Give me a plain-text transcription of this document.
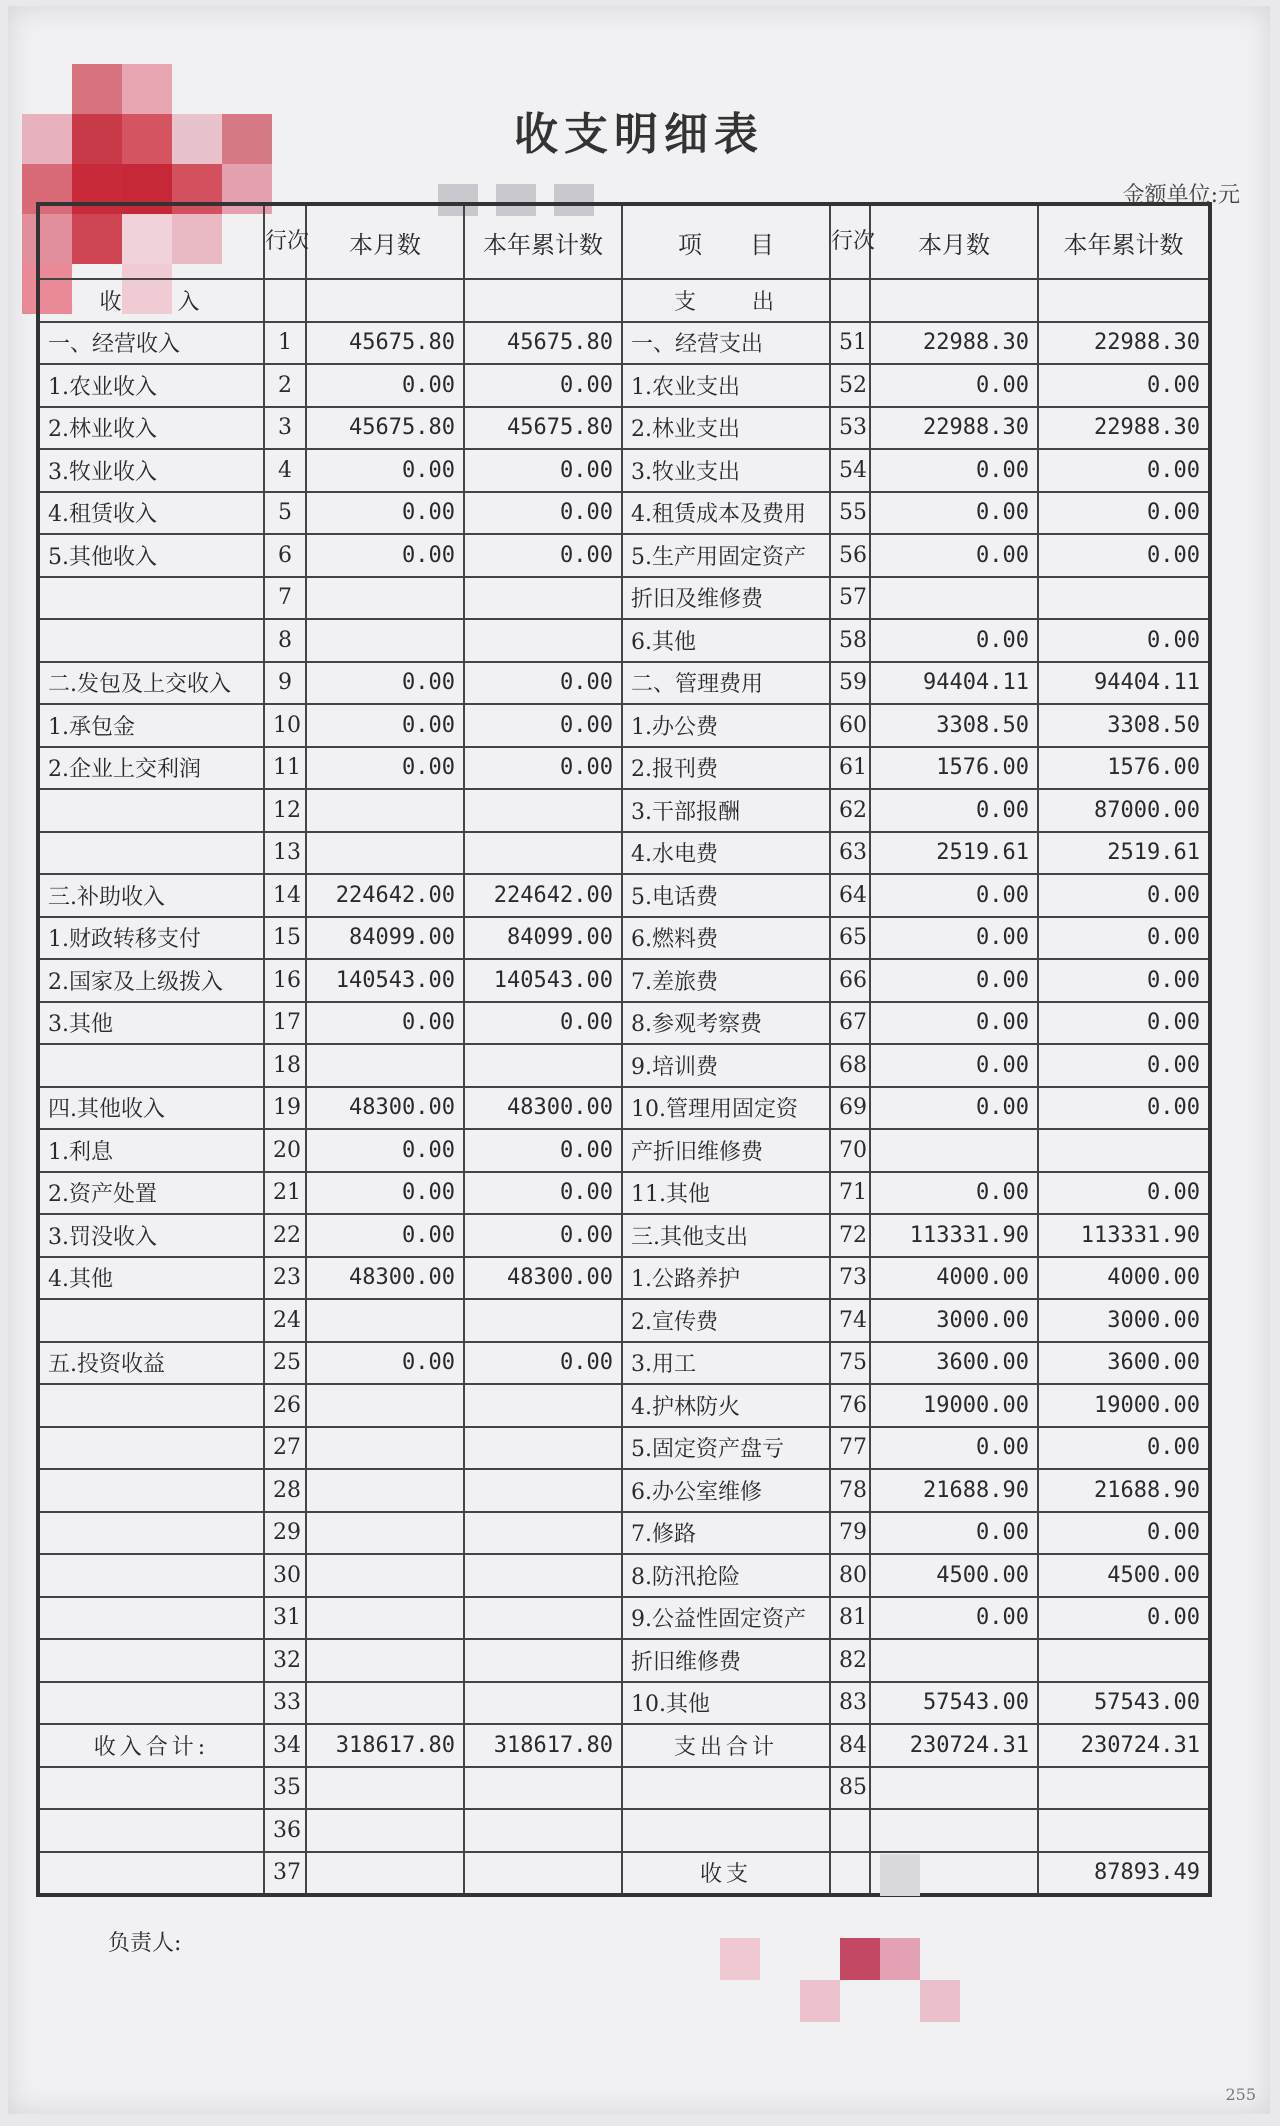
收支明细表
金额单位:元
	行次	本月数	本年累计数	项　　目	行次	本月数	本年累计数
收　　入				支　　出			
一、经营收入	1	45675.80	45675.80	一、经营支出	51	22988.30	22988.30
1.农业收入	2	0.00	0.00	1.农业支出	52	0.00	0.00
2.林业收入	3	45675.80	45675.80	2.林业支出	53	22988.30	22988.30
3.牧业收入	4	0.00	0.00	3.牧业支出	54	0.00	0.00
4.租赁收入	5	0.00	0.00	4.租赁成本及费用	55	0.00	0.00
5.其他收入	6	0.00	0.00	5.生产用固定资产	56	0.00	0.00
	7			折旧及维修费	57		
	8			6.其他	58	0.00	0.00
二.发包及上交收入	9	0.00	0.00	二、管理费用	59	94404.11	94404.11
1.承包金	10	0.00	0.00	1.办公费	60	3308.50	3308.50
2.企业上交利润	11	0.00	0.00	2.报刊费	61	1576.00	1576.00
	12			3.干部报酬	62	0.00	87000.00
	13			4.水电费	63	2519.61	2519.61
三.补助收入	14	224642.00	224642.00	5.电话费	64	0.00	0.00
1.财政转移支付	15	84099.00	84099.00	6.燃料费	65	0.00	0.00
2.国家及上级拨入	16	140543.00	140543.00	7.差旅费	66	0.00	0.00
3.其他	17	0.00	0.00	8.参观考察费	67	0.00	0.00
	18			9.培训费	68	0.00	0.00
四.其他收入	19	48300.00	48300.00	10.管理用固定资	69	0.00	0.00
1.利息	20	0.00	0.00	产折旧维修费	70		
2.资产处置	21	0.00	0.00	11.其他	71	0.00	0.00
3.罚没收入	22	0.00	0.00	三.其他支出	72	113331.90	113331.90
4.其他	23	48300.00	48300.00	1.公路养护	73	4000.00	4000.00
	24			2.宣传费	74	3000.00	3000.00
五.投资收益	25	0.00	0.00	3.用工	75	3600.00	3600.00
	26			4.护林防火	76	19000.00	19000.00
	27			5.固定资产盘亏	77	0.00	0.00
	28			6.办公室维修	78	21688.90	21688.90
	29			7.修路	79	0.00	0.00
	30			8.防汛抢险	80	4500.00	4500.00
	31			9.公益性固定资产	81	0.00	0.00
	32			折旧维修费	82		
	33			10.其他	83	57543.00	57543.00
收入合计:	34	318617.80	318617.80	支出合计	84	230724.31	230724.31
	35				85		
	36						
	37			收支			87893.49
负责人:
255
